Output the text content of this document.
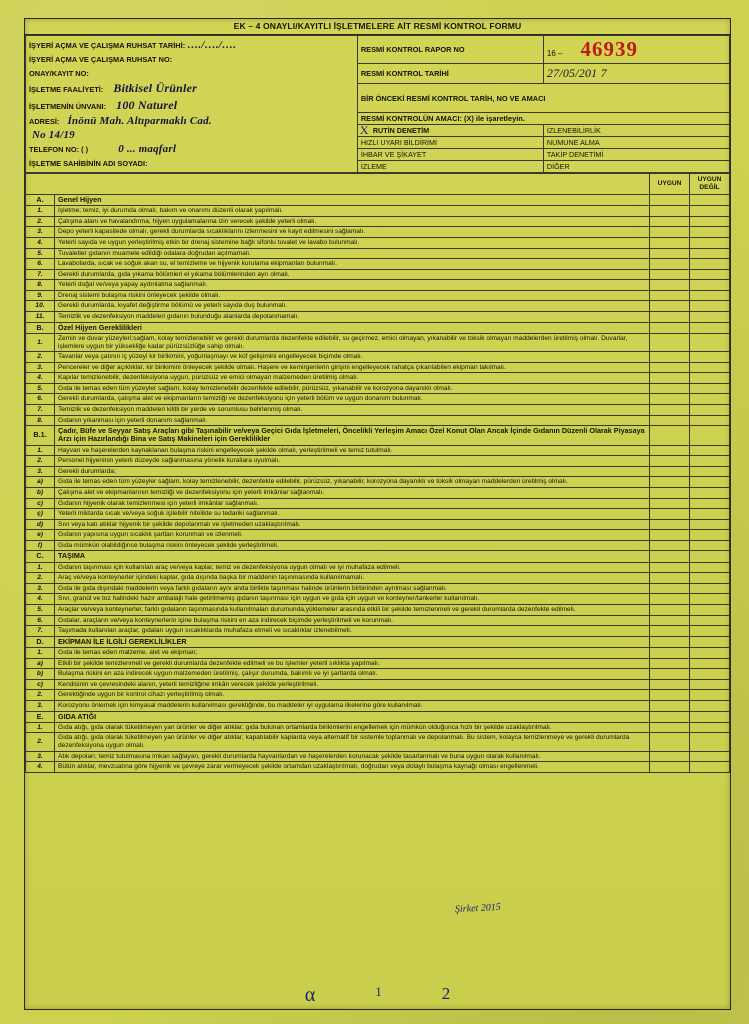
EK – 4 ONAYLI/KAYITLI İŞLETMELERE AİT RESMİ KONTROL FORMU
İŞYERİ AÇMA VE ÇALIŞMA RUHSAT TARİHİ: …./…./….
İŞYERİ AÇMA VE ÇALIŞMA RUHSAT NO:
ONAY/KAYIT NO:
İŞLETME FAALİYETİ: Bitkisel Ürünler
İŞLETMENİN ÜNVANI: 100 Naturel
ADRESİ: İnönü Mah. Altıparmaklı Cad.
No 14/19
TELEFON NO: ( )	0 ... maqfarl
İŞLETME SAHİBİNİN ADI SOYADI:
	RESMİ KONTROL RAPOR NO	16 – 46939
RESMİ KONTROL TARİHİ	27/05/201 7
BİR ÖNCEKİ RESMİ KONTROL TARİH, NO VE AMACI
RESMİ KONTROLÜN AMACI: (X) ile işaretleyin.

X RUTİN DENETİM	İZLENEBİLİRLİK
HIZLI UYARI BİLDİRİMİ	NUMUNE ALMA
İHBAR VE ŞİKAYET	TAKİP DENETİMİ
İZLEME	DİĞER
		UYGUN	UYGUN DEĞİL
A.	Genel Hijyen		
1.	İşletme; temiz, iyi durumda olmalı, bakım ve onarımı düzenli olarak yapılmalı.		
2.	Çalışma alanı ve havalandırma, hijyen uygulamalarına izin verecek şekilde yeterli olmalı.		
3.	Depo yeterli kapasitede olmalı, gerekli durumlarda sıcaklıklarını izlenmesini ve kayıt edilmesini sağlamalı.		
4.	Yeterli sayıda ve uygun yerleştirilmiş etkin bir drenaj sistemine bağlı sifonlu tuvalet ve lavabo bulunmalı.		
5.	Tuvaletler gıdanın muamele edildiği odalara doğrudan açılmamalı.		
6.	Lavabolarda, sıcak ve soğuk akan su, el temizleme ve hijyenik kurulama ekipmanları bulunmalı.		
7.	Gerekli durumlarda, gıda yıkama bölümleri el yıkama bölümlerinden ayrı olmalı.		
8.	Yeterli doğal ve/veya yapay aydınlatma sağlanmalı.		
9.	Drenaj sistemi bulaşma riskini önleyecek şekilde olmalı.		
10.	Gerekli durumlarda, kıyafet değiştirme bölümü ve yeterli sayıda duş bulunmalı.		
11.	Temizlik ve dezenfeksiyon maddeleri gıdanın bulunduğu alanlarda depolanmamalı.		
B.	Özel Hijyen Gereklilikleri		
1.	Zemin ve duvar yüzeyleri;sağlam, kolay temizlenebilir ve gerekli durumlarda dezenfekte edilebilir, su geçirmez, emici olmayan, yıkanabilir ve toksik olmayan maddelerden üretilmiş olmalı. Duvarlar, işlemlere uygun bir yüksekliğe kadar pürüzsüzlüğe sahip olmalı.		
2.	Tavanlar veya çatının iç yüzeyi kir birikimini, yoğunlaşmayı ve küf gelişimini engelleyecek biçimde olmalı.		
3.	Pencereler ve diğer açıklıklar, kir birikimini önleyecek şekilde olmalı. Haşere ve kemirgenlerin girişini engelleyecek rahatça çıkarılabilen ekipman takılmalı.		
4.	Kapılar temizlenebilir, dezenfeksiyona uygun, pürüzsüz ve emici olmayan malzemeden üretilmiş olmalı.		
5.	Gıda ile temas eden tüm yüzeyler sağlam, kolay temizlenebilir dezenfekte edilebilir, pürüzsüz, yıkanabilir ve korozyona dayanıklı olmalı.		
6.	Gerekli durumlarda, çalışma alet ve ekipmanların temizliği ve dezenfeksiyonu için yeterli bölüm ve uygun donanım bulunmalı.		
7.	Temizlik ve dezenfeksiyon maddeleri kilitli bir yerde ve sorumlusu belirlenmiş olmalı.		
8.	Gıdanın yıkanması için yeterli donanım sağlanmalı.		
B.1.	Çadır, Büfe ve Seyyar Satış Araçları gibi Taşınabilir ve/veya Geçici Gıda İşletmeleri, Öncelikli Yerleşim Amacı Özel Konut Olan Ancak İçinde Gıdanın Düzenli Olarak Piyasaya Arzı için Hazırlandığı Bina ve Satış Makineleri için Gereklilikler		
1.	Hayvan ve haşerelerden kaynaklanan bulaşma riskini engelleyecek şekilde olmalı, yerleştirilmeli ve temiz tutulmalı.		
2.	Personel hijyeninin yeterli düzeyde sağlanmasına yönelik kurallara uyulmalı.		
3.	Gerekli durumlarda;		
a)	Gıda ile temas eden tüm yüzeyler sağlam, kolay temizlenebilir, dezenfekte edilebilir, pürüzsüz, yıkanabilir, korozyona dayanıklı ve toksik olmayan maddelerden üretilmiş olmalı.		
b)	Çalışma alet ve ekipmanlarının temizliği ve dezenfeksiyonu için yeterli imkânlar sağlanmalı.		
c)	Gıdanın hijyenik olarak temizlenmesi için yeterli imkânlar sağlanmalı.		
ç)	Yeterli miktarda sıcak ve/veya soğuk içilebilir nitelikte su tedariki sağlanmalı.		
d)	Sıvı veya katı atıklar hijyenik bir şekilde depolanmalı ve işletmeden uzaklaştırılmalı.		
e)	Gıdanın yapısına uygun sıcaklık şartları korunmalı ve izlenmeli.		
f)	Gıda mümkün olabildiğince bulaşma riskini önleyecek şekilde yerleştirilmeli.		
C.	TAŞIMA		
1.	Gıdanın taşınması için kullanılan araç ve/veya kaplar, temiz ve dezenfeksiyona uygun olmalı ve iyi muhafaza edilmeli.		
2.	Araç ve/veya konteynerler içindeki kaplar, gıda dışında başka bir maddenin taşınmasında kullanılmamalı.		
3.	Gıda ile gıda dışındaki maddelerin veya farklı gıdaların aynı anda birlikte taşınması halinde ürünlerin birbirinden ayrılması sağlanmalı.		
4.	Sıvı, granül ve toz halindeki hazır ambalajlı hale getirilmemiş gıdanın taşınması için uygun ve gıda için uygun ve konteyner/tankerler kullanılmalı.		
5.	Araçlar ve/veya konteynerler, farklı gıdaların taşınmasında kullanılmaları durumunda,yüklemeler arasında etkili bir şekilde temizlenmeli ve gerekli durumlarda dezenfekte edilmeli.		
6.	Gıdalar, araçların ve/veya konteynerlerin içine bulaşma riskini en aza indirecek biçimde yerleştirilmeli ve korunmalı.		
7.	Taşımada kullanılan araçlar, gıdaları uygun sıcaklıklarda muhafaza etmeli ve sıcaklıklar izlenebilmeli.		
D.	EKİPMAN İLE İLGİLİ GEREKLİLİKLER		
1.	Gıda ile temas eden malzeme, alet ve ekipman;		
a)	Etkili bir şekilde temizlenmeli ve gerekli durumlarda dezenfekte edilmeli ve bu işlemler yeterli sıklıkta yapılmalı.		
b)	Bulaşma riskini en aza indirecek uygun malzemeden üretilmiş, çalışır durumda, bakımlı ve iyi şartlarda olmalı.		
c)	Kendisinin ve çevresindeki alanın, yeterli temizliğine imkân verecek şekilde yerleştirilmeli.		
2.	Gerektiğinde uygun bir kontrol cihazı yerleştirilmiş olmalı.		
3.	Korozyonu önlemek için kimyasal maddelerin kullanılması gerektiğinde, bu maddeler iyi uygulama ilkelerine göre kullanılmalı.		
E.	GIDA ATIĞI		
1.	Gıda atığı, gıda olarak tüketilmeyen yan ürünler ve diğer atıklar; gıda bulunan ortamlarda birikimlerini engellemek için mümkün olduğunca hızlı bir şekilde uzaklaştırılmalı.		
2.	Gıda atığı, gıda olarak tüketilmeyen yan ürünler ve diğer atıklar; kapatılabilir kaplarda veya alternatif bir sistemle toplanmalı ve depolanmalı. Bu sistem, kolayca temizlenmeye ve gerekli durumlarda dezenfeksiyona uygun olmalı.		
3.	Atık depoları; temiz tutulmasına imkan sağlayan, gerekli durumlarda hayvanlardan ve haşerelerden korunacak şekilde tasarlanmalı ve buna uygun olarak kullanılmalı.		
4.	Bütün atıklar, mevzuatına göre hijyenik ve çevreye zarar vermeyecek şekilde ortamdan uzaklaştırılmalı, doğrudan veya dolaylı bulaşma kaynağı olması engellenmeli.		
Şirket 2015
α	1	2
